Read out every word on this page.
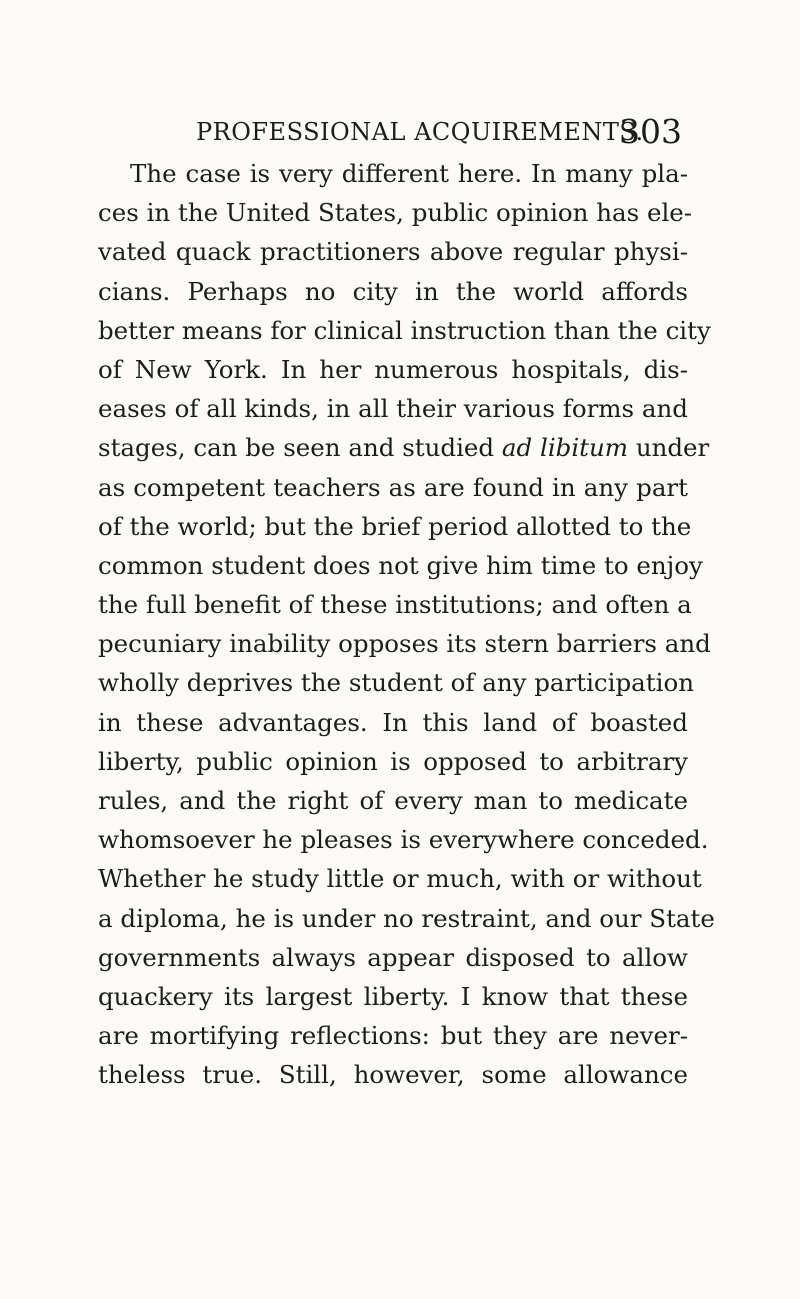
PROFESSIONAL ACQUIREMENTS.
303
The case is very different here. In many pla-
ces in the United States, public opinion has ele-
vated quack practitioners above regular physi-
cians. Perhaps no city in the world affords
better means for clinical instruction than the city
of New York. In her numerous hospitals, dis-
eases of all kinds, in all their various forms and
stages, can be seen and studied ad libitum under
as competent teachers as are found in any part
of the world; but the brief period allotted to the
common student does not give him time to enjoy
the full benefit of these institutions; and often a
pecuniary inability opposes its stern barriers and
wholly deprives the student of any participation
in these advantages. In this land of boasted
liberty, public opinion is opposed to arbitrary
rules, and the right of every man to medicate
whomsoever he pleases is everywhere conceded.
Whether he study little or much, with or without
a diploma, he is under no restraint, and our State
governments always appear disposed to allow
quackery its largest liberty. I know that these
are mortifying reflections: but they are never-
theless true. Still, however, some allowance
